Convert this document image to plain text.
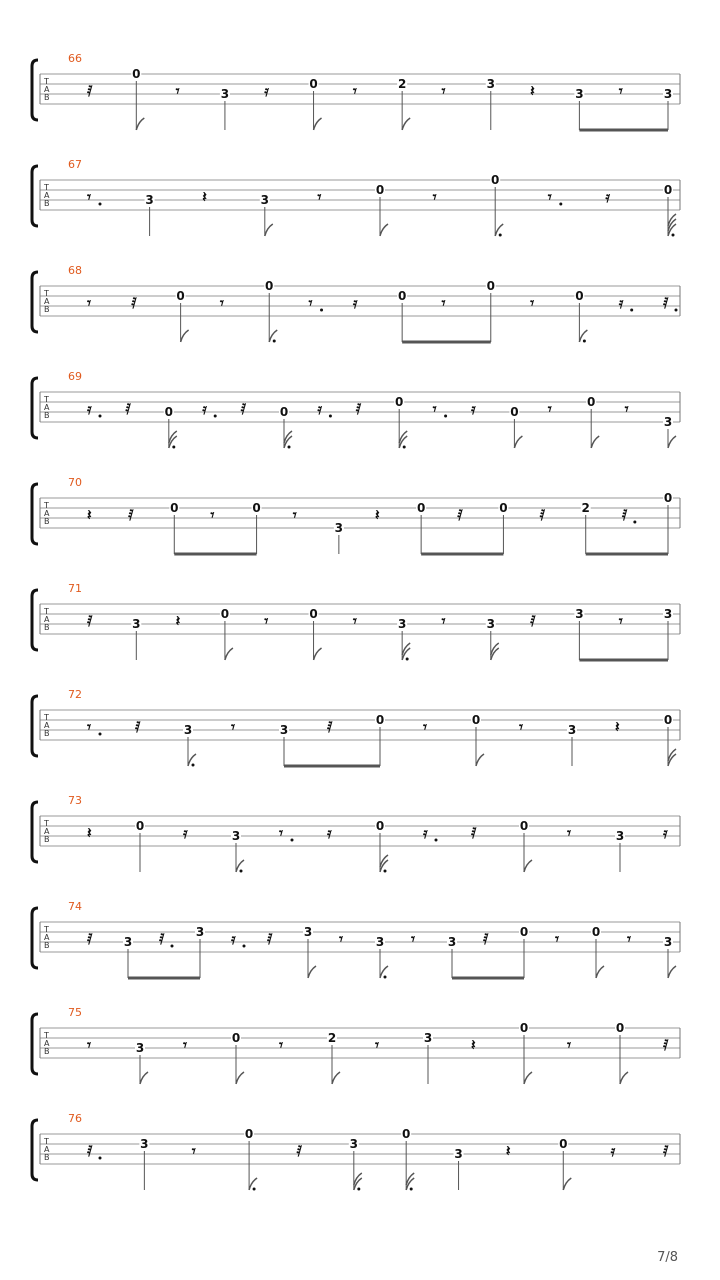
66
T
A
B	𝅀
0
𝄾	3 𝄿	0 𝄾	2 𝄾	3 𝄽	3 𝄾	3
67
T
A
B	𝄾	3	𝄽	3	𝄾	0	𝄾
0
𝄾	𝄿	0
68
T
A
B	𝄾	𝅀	0 𝄾
0
𝄾	𝄿	0 𝄾
0
𝄾	0 𝄿	𝅀
69
T
A
B	𝄿 𝅀	0 𝄿 𝅀	0 𝄿 𝅀	0 𝄾 𝄿	0 𝄾	0 𝄾
3
70
T
A
B	𝄽 𝅀	0 𝄾	0 𝄾
3
𝄽	0 𝅀	0 𝅀	2 𝅀
0
71
T
A
B	𝅀	3 𝄽	0 𝄾	0 𝄾	3 𝄾	3 𝅀	3 𝄾	3
72
T
A
B	𝄾	𝅀	3	𝄾	3	𝅀	0	𝄾	0	𝄾	3	𝄽	0
73
T
A
B	𝄽	0	𝄿	3	𝄾	𝄿	0	𝄿	𝅀	0	𝄾	3	𝄿
74
T
A
B	𝅀	3 𝅀	3 𝄿 𝅀	3 𝄾	3 𝄾	3 𝅀	0 𝄾	0 𝄾	3
75
T
A
B	𝄾	3	𝄾	0	𝄾	2	𝄾	3	𝄽
0
𝄾
0
𝅀
76
T
A
B	𝅀	3	𝄾
0
𝅀	3
0
3	𝄽	0	𝄿	𝅀
7/8
